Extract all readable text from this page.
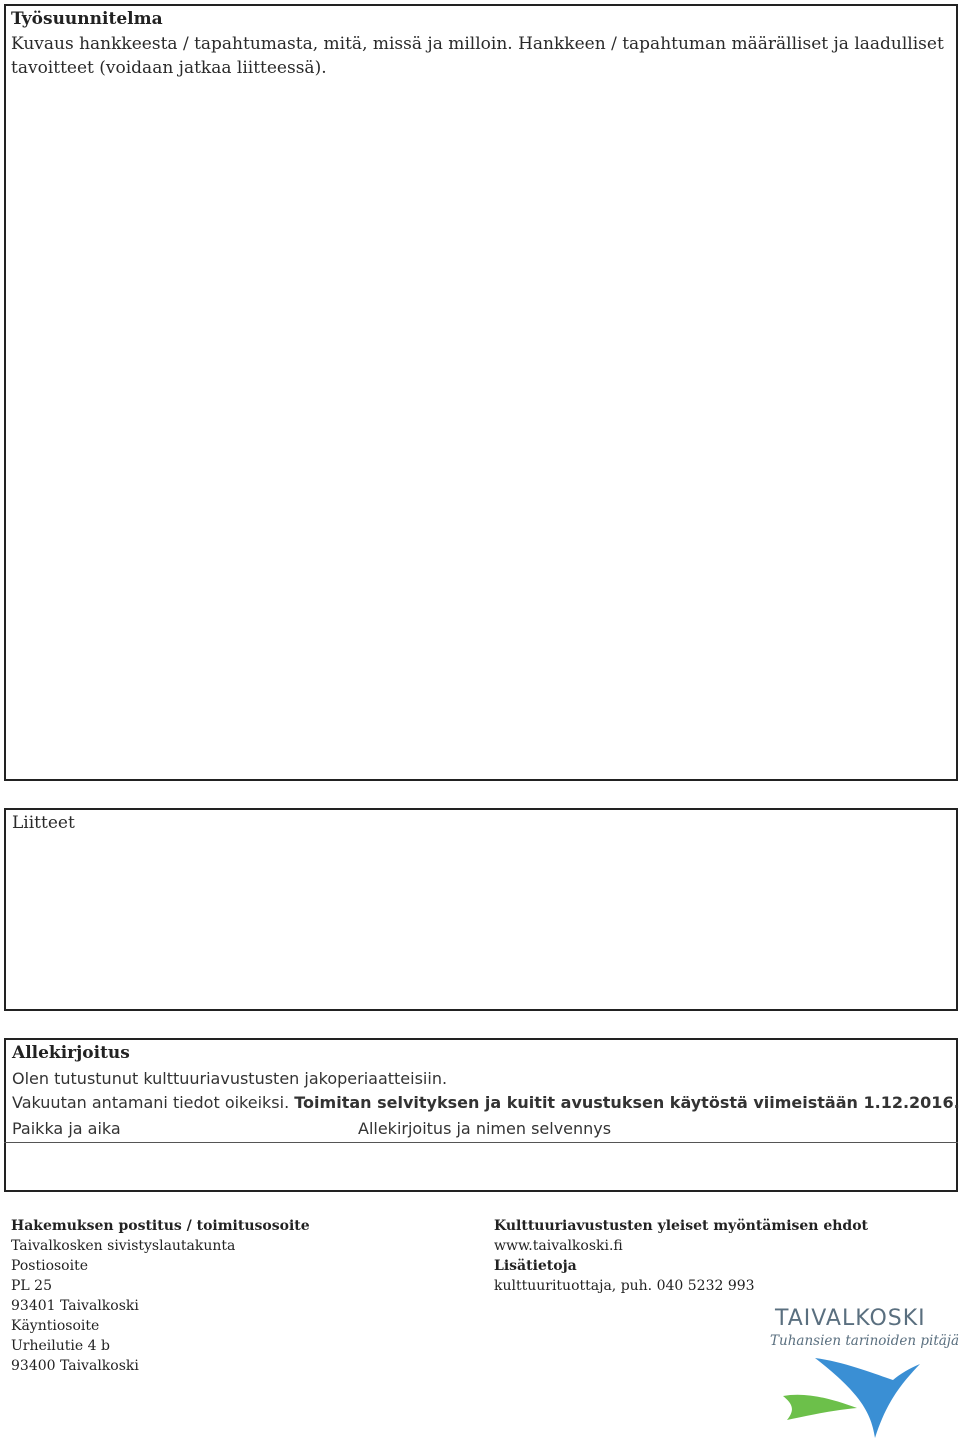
Työsuunnitelma
Kuvaus hankkeesta / tapahtumasta, mitä, missä ja milloin. Hankkeen / tapahtuman määrälliset ja laadulliset
tavoitteet (voidaan jatkaa liitteessä).
Liitteet
Allekirjoitus
Olen tutustunut kulttuuriavustusten jakoperiaatteisiin.
Vakuutan antamani tiedot oikeiksi. Toimitan selvityksen ja kuitit avustuksen käytöstä viimeistään 1.12.2016.
Paikka ja aika	Allekirjoitus ja nimen selvennys
Hakemuksen postitus / toimitusosoite
Taivalkosken sivistyslautakunta
Postiosoite
PL 25
93401 Taivalkoski
Käyntiosoite
Urheilutie 4 b
93400 Taivalkoski
Kulttuuriavustusten yleiset myöntämisen ehdot
www.taivalkoski.fi
Lisätietoja
kulttuurituottaja, puh. 040 5232 993
TAIVALKOSKI
Tuhansien tarinoiden pitäjä
